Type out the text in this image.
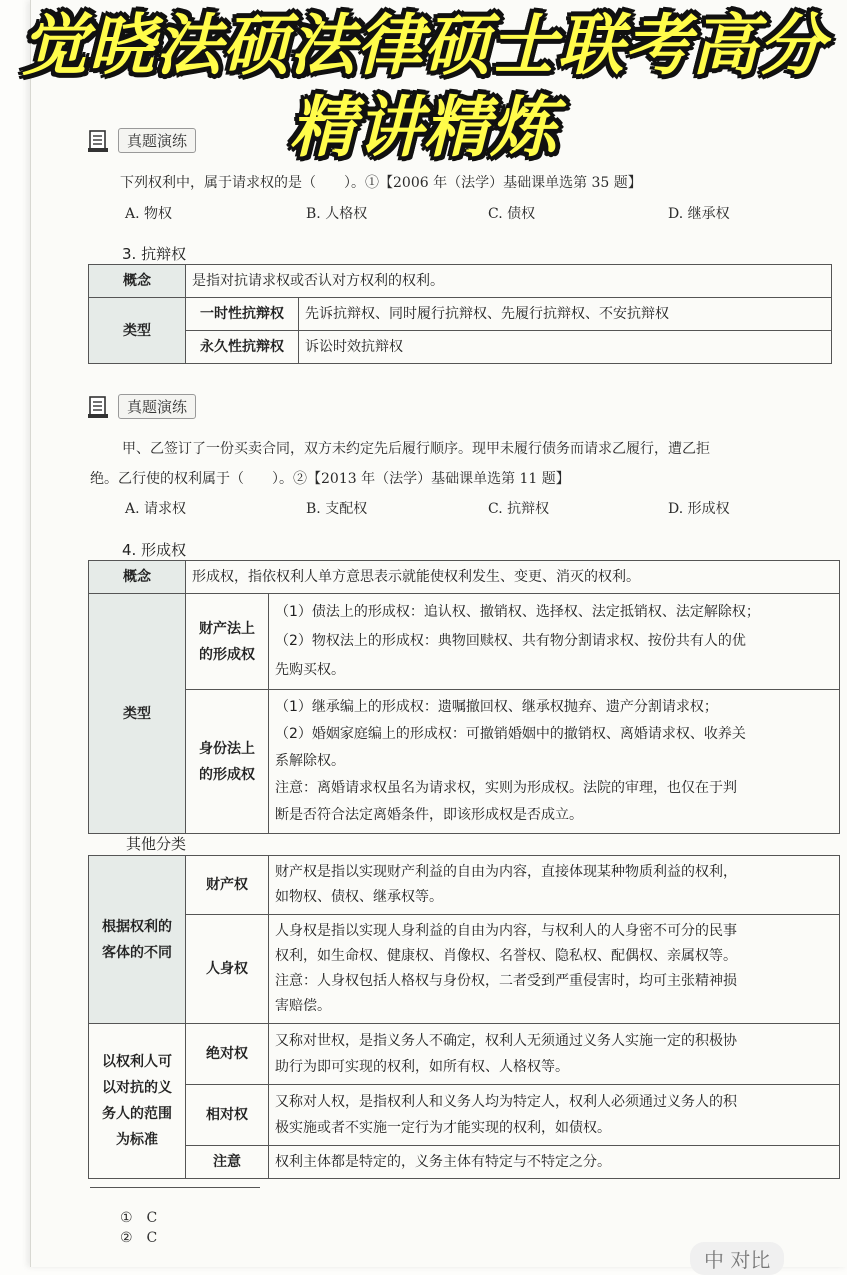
觉晓法硕法律硕士联考高分
精讲精炼
真题演练
下列权利中，属于请求权的是（　　）。①【2006 年（法学）基础课单选第 35 题】
A. 物权	B. 人格权	C. 债权	D. 继承权
3. 抗辩权
概念	是指对抗请求权或否认对方权利的权利。	
类型	一时性抗辩权	先诉抗辩权、同时履行抗辩权、先履行抗辩权、不安抗辩权
	永久性抗辩权	诉讼时效抗辩权
真题演练
甲、乙签订了一份买卖合同，双方未约定先后履行顺序。现甲未履行债务而请求乙履行，遭乙拒
绝。乙行使的权利属于（　　）。②【2013 年（法学）基础课单选第 11 题】
A. 请求权	B. 支配权	C. 抗辩权	D. 形成权
4. 形成权
概念	形成权，指依权利人单方意思表示就能使权利发生、变更、消灭的权利。	
类型	财产法上
的形成权	（1）债法上的形成权：追认权、撤销权、选择权、法定抵销权、法定解除权；
（2）物权法上的形成权：典物回赎权、共有物分割请求权、按份共有人的优
先购买权。

	身份法上
的形成权	（1）继承编上的形成权：遗嘱撤回权、继承权抛弃、遗产分割请求权；
（2）婚姻家庭编上的形成权：可撤销婚姻中的撤销权、离婚请求权、收养关
系解除权。
注意：离婚请求权虽名为请求权，实则为形成权。法院的审理，也仅在于判
断是否符合法定离婚条件，即该形成权是否成立。
其他分类
根据权利的
客体的不同	财产权	财产权是指以实现财产利益的自由为内容，直接体现某种物质利益的权利，
如物权、债权、继承权等。

	人身权	人身权是指以实现人身利益的自由为内容，与权利人的人身密不可分的民事
权利，如生命权、健康权、肖像权、名誉权、隐私权、配偶权、亲属权等。
注意：人身权包括人格权与身份权，二者受到严重侵害时，均可主张精神损
害赔偿。

以权利人可
以对抗的义
务人的范围
为标准	绝对权	又称对世权，是指义务人不确定，权利人无须通过义务人实施一定的积极协
助行为即可实现的权利，如所有权、人格权等。

	相对权	又称对人权，是指权利人和义务人均为特定人，权利人必须通过义务人的积
极实施或者不实施一定行为才能实现的权利，如债权。

	注意	权利主体都是特定的，义务主体有特定与不特定之分。
①　C
②　C
中 对比
